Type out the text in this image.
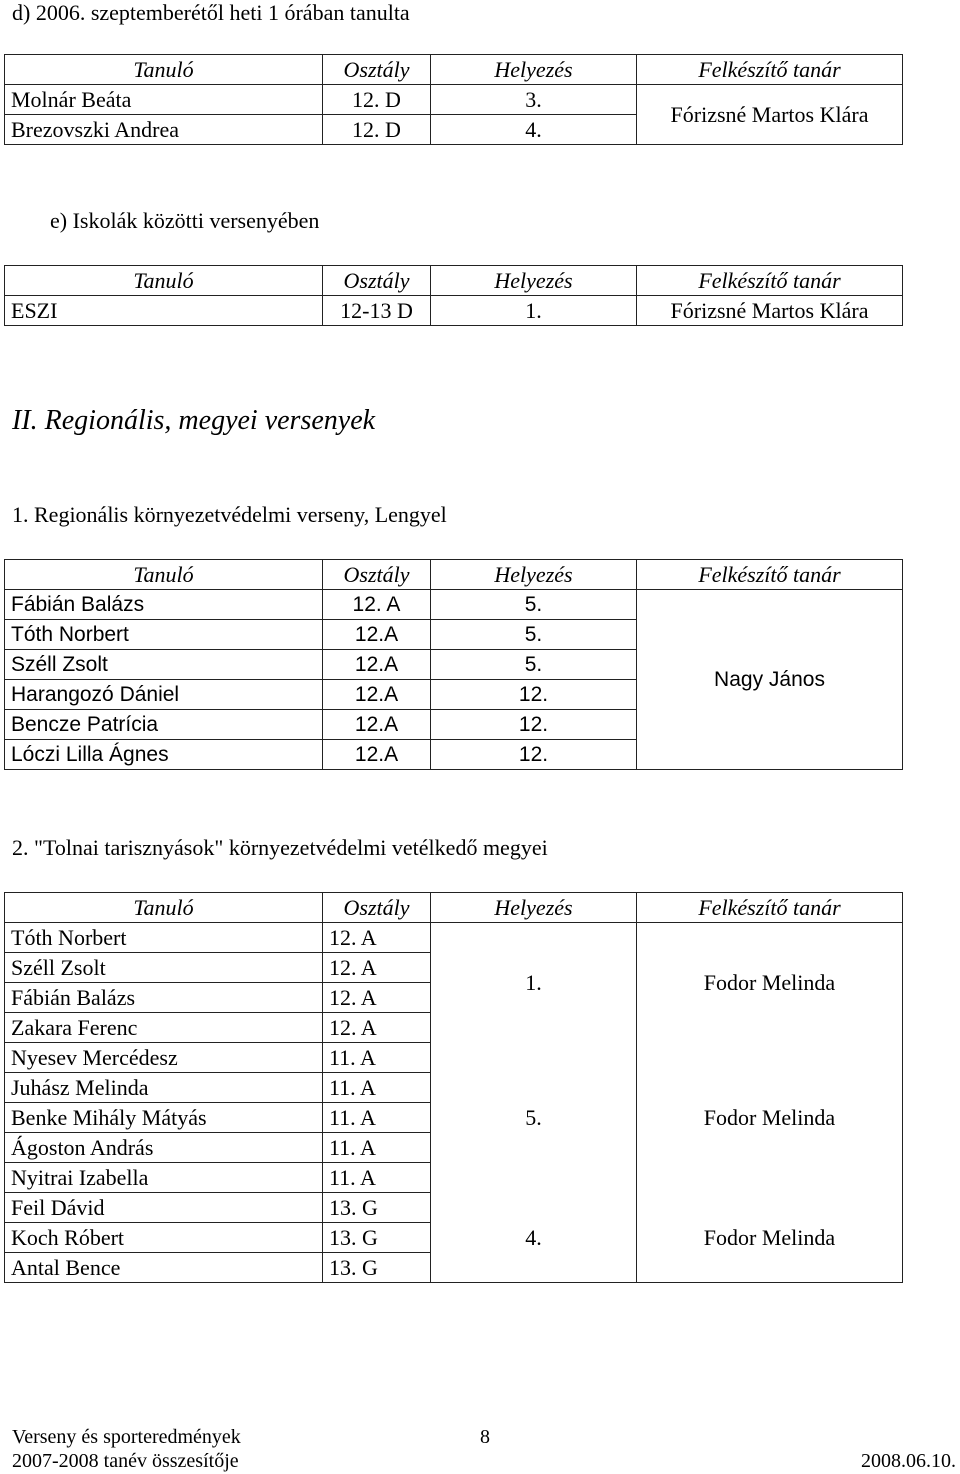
d) 2006. szeptemberétől heti 1 órában tanulta
Tanuló	Osztály	Helyezés	Felkészítő tanár
Molnár Beáta	12. D	3.	Fórizsné Martos Klára
Brezovszki Andrea	12. D	4.	
e) Iskolák közötti versenyében
Tanuló	Osztály	Helyezés	Felkészítő tanár
ESZI	12-13 D	1.	Fórizsné Martos Klára
II. Regionális, megyei versenyek
1. Regionális környezetvédelmi verseny, Lengyel
Tanuló	Osztály	Helyezés	Felkészítő tanár
Fábián Balázs	12. A	5.	Nagy János
Tóth Norbert	12.A	5.	
Széll Zsolt	12.A	5.	
Harangozó Dániel	12.A	12.	
Bencze Patrícia	12.A	12.	
Lóczi Lilla Ágnes	12.A	12.	
2. "Tolnai tarisznyások" környezetvédelmi vetélkedő megyei
Tanuló	Osztály	Helyezés	Felkészítő tanár
Tóth Norbert	12. A	1.	Fodor Melinda
Széll Zsolt	12. A		
Fábián Balázs	12. A		
Zakara Ferenc	12. A		
Nyesev Mercédesz	11. A	5.	Fodor Melinda
Juhász Melinda	11. A		
Benke Mihály Mátyás	11. A		
Ágoston András	11. A		
Nyitrai Izabella	11. A		
Feil Dávid	13. G	4.	Fodor Melinda
Koch Róbert	13. G		
Antal Bence	13. G		
Verseny és sporteredmények	8
2007-2008 tanév összesítője	2008.06.10.
